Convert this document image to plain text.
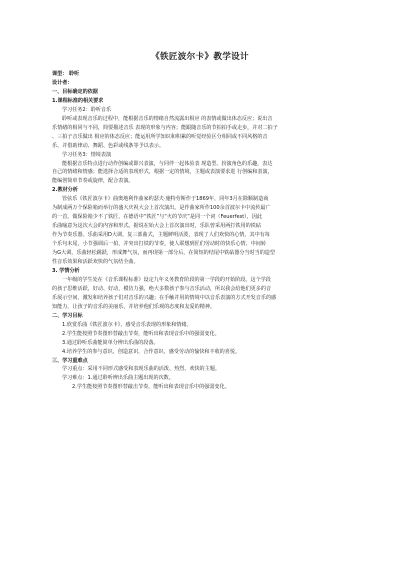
《铁匠波尔卡》教学设计
课型： 聆听
设计者：
一、目标确定的依据
1.课程标准的相关要求
学习任务2：聆听音乐
聆听或表现音乐的过程中，能根据音乐的情绪自然流露出相应 的表情或做出体态反应；说出音
乐情绪的相同与不同，简要描述音乐 表现的形象与内容；能跟随音乐的节拍拍手或走步，并对二拍子
、三拍子音乐做出 相应的体态反应；能运用所学知识和积累的听觉经验区分相同或不同风格的音
乐、并借助律动、舞蹈、色彩或线条等予以表示。
学习任务3：情境表演
能根据音乐特点进行动作创编或即兴表演，与同伴一起体验表 现造型、扮演角色的乐趣，表达
自己的情绪和情感；能选择合适的表现形式，根据一定的情境，主题或表演要求进 行创编和表演，
能编创简单节奏或旋律，配合表演。
2.教材分析
管弦乐《铁匠波尔卡》曲奥地利作曲家约瑟夫·施特劳斯作于1869年，同年3月在除顺制造商
为制成两万个保险箱而举行的盛大庆祝大会上首次演出。是作曲家所作100余首波尔卡中流传最广
的一首。做保险箱少不了铁匠，在德语中“铁匠”与“火的节庆”是同一个词（Feuerfest），因此
乐曲喻意为这次大会的内容和形式。据说在始大会上首次演出时，乐队曾采用两打铁用的铁砧
作为节奏乐器。乐曲采用D大调，复三部曲式，主题鲜明活泼，表现了人们欢快的心情，其中有每
个乐句末尾，小节强调后一拍，并突出打铁的节奏，使人联想到匠们劳动时的快乐心情、中间转
为G大调，乐曲轻松跳跃，形成舞气氛，而再现第一部分后，在简短的结尾中铁砧器分当时当的造型
性音乐效果和活跃欢快的气氛结全曲。
3. 学情分析
一年级的学生处在《音乐课程标准》设定九年义务教育阶段的第一学段的开始阶段。这个学段
的孩子思维活跃，好动、好动，模仿力强，绝大多数孩子参与音乐活动，所以我会给他们更多的音
乐展示空间，激发和培养孩子们对音乐的兴趣；在手触并用的情境中以音乐表演的方式开发音乐的感
知能力，让孩子的音乐的美丽乐，并培养他们乐观的态度和友爱的精神。
二、学习目标
1.欣赏乐曲《铁匠波尔卡》，感受音乐表现的形象和情绪。
2.学生能按照节奏图形替敲击节奏，能听出和表现音乐中的强弱变化。
3.通过聆听乐曲能简单分辨出乐曲的段落。
4.培养学生的参与意识，创造意识，合作意识，感受劳动的愉快和丰收的喜悦。
三、学习重难点
学习重点：采用不同形式感受和表现乐曲的活泼、热烈、欢快的主题。
学习难点：1.通过聆听辨出乐曲主题出现的次数。
2.学生能按照节奏图形替敲击节奏，能听出和表现音乐中的强弱变化。
